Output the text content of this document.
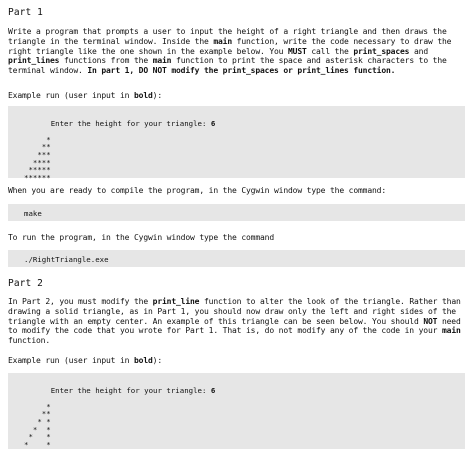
Part 1
Write a program that prompts a user to input the height of a right triangle and then draws the triangle in the terminal window. Inside the main function, write the code necessary to draw the right triangle like the one shown in the example below. You MUST call the print_spaces and print_lines functions from the main function to print the space and asterisk characters to the terminal window. In part 1, DO NOT modify the print_spaces or print_lines function.
Example run (user input in bold):

Enter the height for your triangle: 6

*
**
***
****
*****
******

When you are ready to compile the program, in the Cygwin window type the command:
make
To run the program, in the Cygwin window type the command
./RightTriangle.exe
Part 2
In Part 2, you must modify the print_line function to alter the look of the triangle. Rather than drawing a solid triangle, as in Part 1, you should now draw only the left and right sides of the triangle with an empty center. An example of this triangle can be seen below. You should NOT need to modify the code that you wrote for Part 1. That is, do not modify any of the code in your main function.
Example run (user input in bold):

Enter the height for your triangle: 6

*
**
* *
*  *
*   *
*    *
